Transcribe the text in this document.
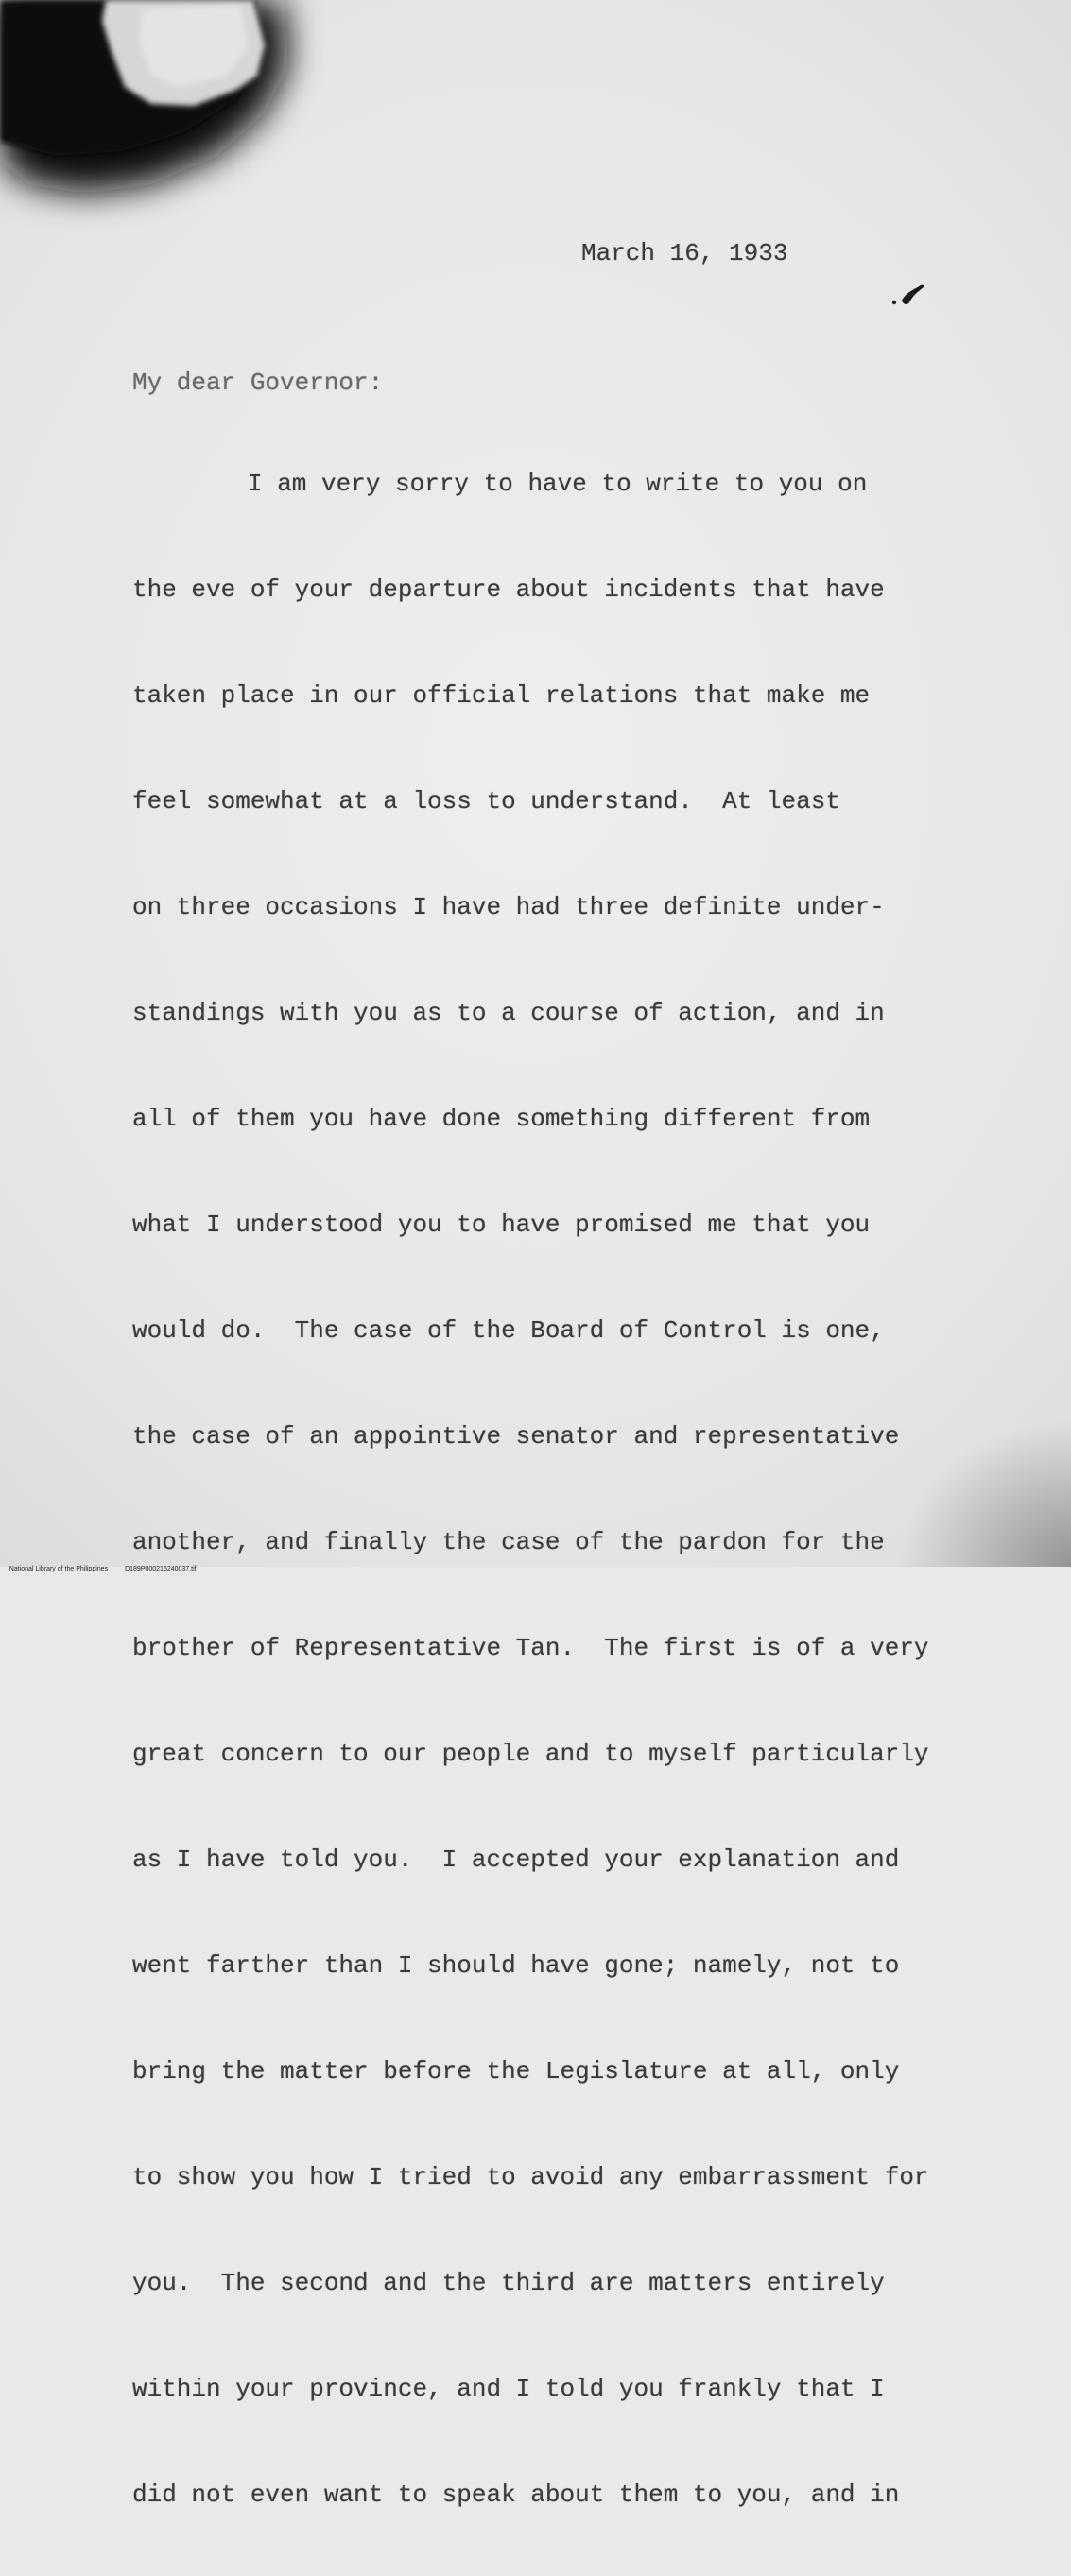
March 16, 1933
My dear Governor:

I am very sorry to have to write to you on

the eve of your departure about incidents that have

taken place in our official relations that make me

feel somewhat at a loss to understand.  At least

on three occasions I have had three definite under-

standings with you as to a course of action, and in

all of them you have done something different from

what I understood you to have promised me that you

would do.  The case of the Board of Control is one,

the case of an appointive senator and representative

another, and finally the case of the pardon for the

brother of Representative Tan.  The first is of a very

great concern to our people and to myself particularly

as I have told you.  I accepted your explanation and

went farther than I should have gone; namely, not to

bring the matter before the Legislature at all, only

to show you how I tried to avoid any embarrassment for

you.  The second and the third are matters entirely

within your province, and I told you frankly that I

did not even want to speak about them to you, and in

National Library of the Philippines	D189P000215240037.tif
